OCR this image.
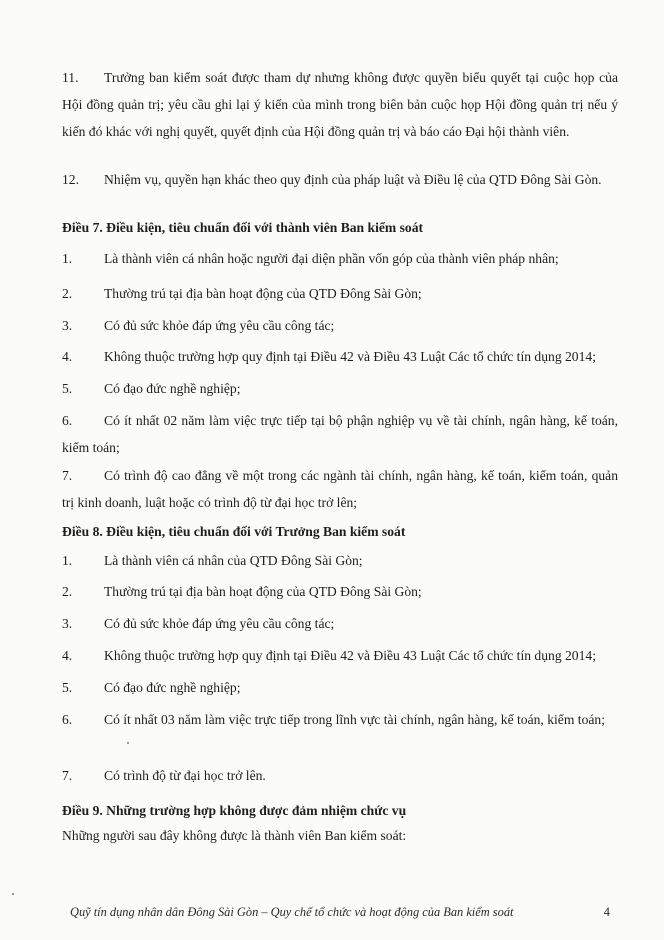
11. Trưởng ban kiểm soát được tham dự nhưng không được quyền biểu quyết tại cuộc họp của Hội đồng quản trị; yêu cầu ghi lại ý kiến của mình trong biên bản cuộc họp Hội đồng quản trị nếu ý kiến đó khác với nghị quyết, quyết định của Hội đồng quản trị và báo cáo Đại hội thành viên.
12. Nhiệm vụ, quyền hạn khác theo quy định của pháp luật và Điều lệ của QTD Đông Sài Gòn.
Điều 7. Điều kiện, tiêu chuẩn đối với thành viên Ban kiểm soát
1. Là thành viên cá nhân hoặc người đại diện phần vốn góp của thành viên pháp nhân;
2. Thường trú tại địa bàn hoạt động của QTD Đông Sài Gòn;
3. Có đủ sức khỏe đáp ứng yêu cầu công tác;
4. Không thuộc trường hợp quy định tại Điều 42 và Điều 43 Luật Các tổ chức tín dụng 2014;
5. Có đạo đức nghề nghiệp;
6. Có ít nhất 02 năm làm việc trực tiếp tại bộ phận nghiệp vụ về tài chính, ngân hàng, kế toán, kiểm toán;
7. Có trình độ cao đẳng về một trong các ngành tài chính, ngân hàng, kế toán, kiểm toán, quản trị kinh doanh, luật hoặc có trình độ từ đại học trở lên;
Điều 8. Điều kiện, tiêu chuẩn đối với Trưởng Ban kiểm soát
1. Là thành viên cá nhân của QTD Đông Sài Gòn;
2. Thường trú tại địa bàn hoạt động của QTD Đông Sài Gòn;
3. Có đủ sức khỏe đáp ứng yêu cầu công tác;
4. Không thuộc trường hợp quy định tại Điều 42 và Điều 43 Luật Các tổ chức tín dụng 2014;
5. Có đạo đức nghề nghiệp;
6. Có ít nhất 03 năm làm việc trực tiếp trong lĩnh vực tài chính, ngân hàng, kế toán, kiểm toán;
7. Có trình độ từ đại học trở lên.
Điều 9. Những trường hợp không được đảm nhiệm chức vụ
Những người sau đây không được là thành viên Ban kiểm soát:
Quỹ tín dụng nhân dân Đông Sài Gòn – Quy chế tổ chức và hoạt động của Ban kiểm soát	4
